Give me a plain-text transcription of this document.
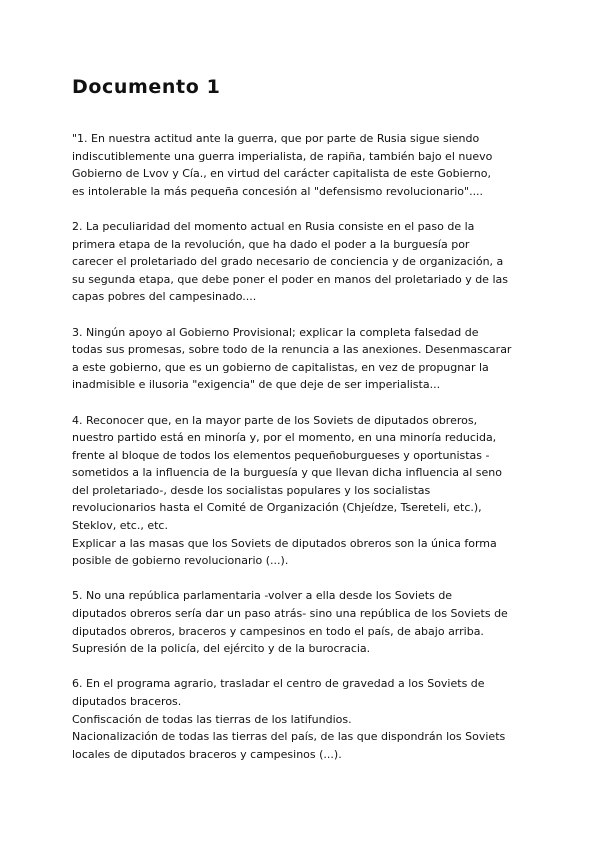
Documento 1
"1. En nuestra actitud ante la guerra, que por parte de Rusia sigue siendo
indiscutiblemente una guerra imperialista, de rapiña, también bajo el nuevo
Gobierno de Lvov y Cía., en virtud del carácter capitalista de este Gobierno,
es intolerable la más pequeña concesión al "defensismo revolucionario"....
2. La peculiaridad del momento actual en Rusia consiste en el paso de la
primera etapa de la revolución, que ha dado el poder a la burguesía por
carecer el proletariado del grado necesario de conciencia y de organización, a
su segunda etapa, que debe poner el poder en manos del proletariado y de las
capas pobres del campesinado....
3. Ningún apoyo al Gobierno Provisional; explicar la completa falsedad de
todas sus promesas, sobre todo de la renuncia a las anexiones. Desenmascarar
a este gobierno, que es un gobierno de capitalistas, en vez de propugnar la
inadmisible e ilusoria "exigencia" de que deje de ser imperialista...
4. Reconocer que, en la mayor parte de los Soviets de diputados obreros,
nuestro partido está en minoría y, por el momento, en una minoría reducida,
frente al bloque de todos los elementos pequeñoburgueses y oportunistas -
sometidos a la influencia de la burguesía y que llevan dicha influencia al seno
del proletariado-, desde los socialistas populares y los socialistas
revolucionarios hasta el Comité de Organización (Chjeídze, Tsereteli, etc.),
Steklov, etc., etc.
Explicar a las masas que los Soviets de diputados obreros son la única forma
posible de gobierno revolucionario (...).
5. No una república parlamentaria -volver a ella desde los Soviets de
diputados obreros sería dar un paso atrás- sino una república de los Soviets de
diputados obreros, braceros y campesinos en todo el país, de abajo arriba.
Supresión de la policía, del ejército y de la burocracia.
6. En el programa agrario, trasladar el centro de gravedad a los Soviets de
diputados braceros.
Confiscación de todas las tierras de los latifundios.
Nacionalización de todas las tierras del país, de las que dispondrán los Soviets
locales de diputados braceros y campesinos (...).
